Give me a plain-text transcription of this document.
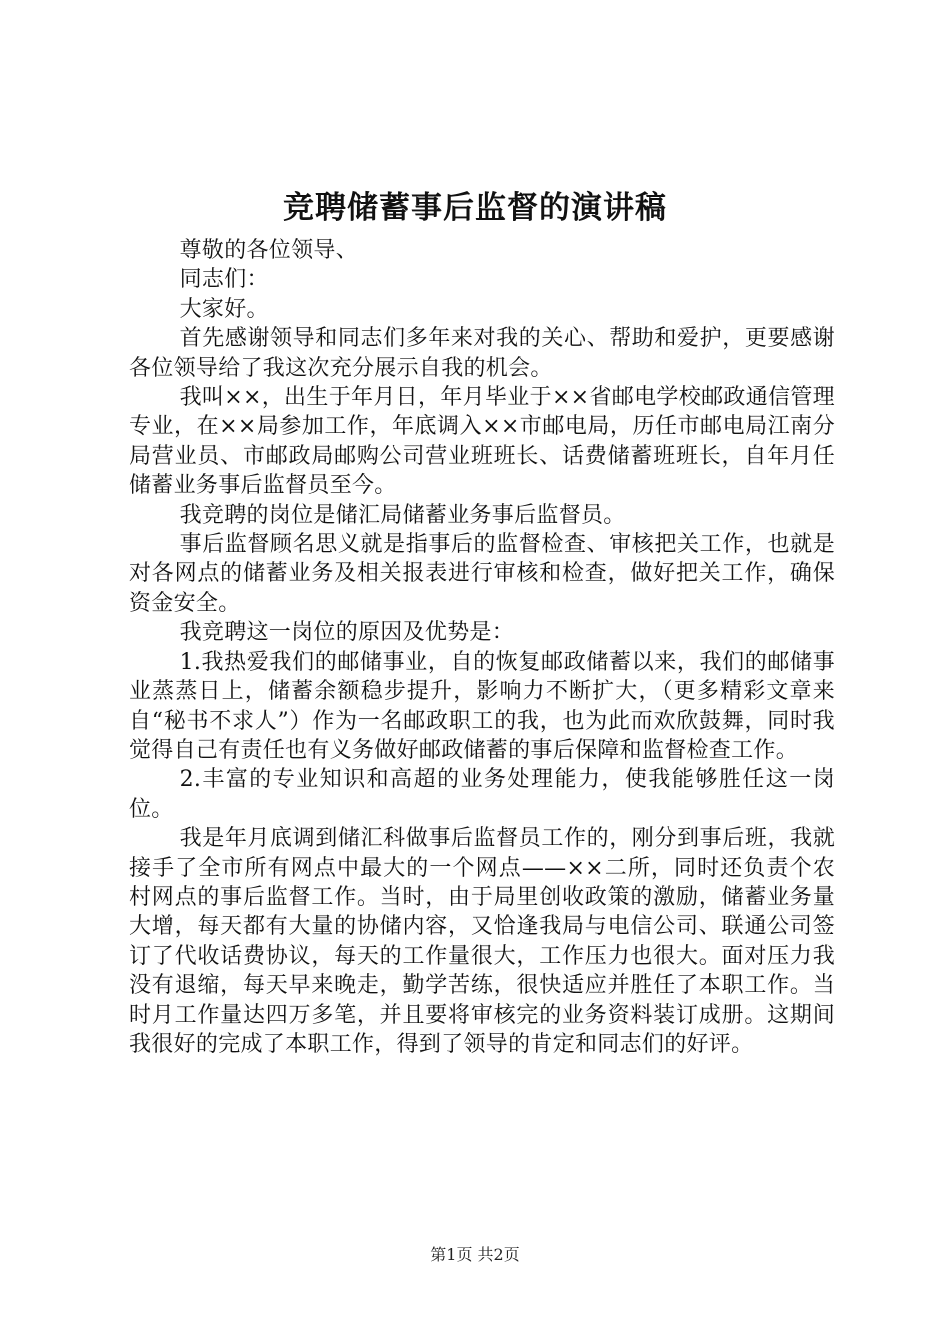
竞聘储蓄事后监督的演讲稿

尊敬的各位领导、

同志们：

大家好。

首先感谢领导和同志们多年来对我的关心、帮助和爱护，更要感谢各位领导给了我这次充分展示自我的机会。

我叫××，出生于年月日，年月毕业于××省邮电学校邮政通信管理专业，在××局参加工作，年底调入××市邮电局，历任市邮电局江南分局营业员、市邮政局邮购公司营业班班长、话费储蓄班班长，自年月任储蓄业务事后监督员至今。

我竞聘的岗位是储汇局储蓄业务事后监督员。

事后监督顾名思义就是指事后的监督检查、审核把关工作，也就是对各网点的储蓄业务及相关报表进行审核和检查，做好把关工作，确保资金安全。

我竞聘这一岗位的原因及优势是：

1.我热爱我们的邮储事业，自的恢复邮政储蓄以来，我们的邮储事业蒸蒸日上，储蓄余额稳步提升，影响力不断扩大，（更多精彩文章来自“秘书不求人”）作为一名邮政职工的我，也为此而欢欣鼓舞，同时我觉得自己有责任也有义务做好邮政储蓄的事后保障和监督检查工作。

2.丰富的专业知识和高超的业务处理能力，使我能够胜任这一岗位。

我是年月底调到储汇科做事后监督员工作的，刚分到事后班，我就接手了全市所有网点中最大的一个网点——××二所，同时还负责个农村网点的事后监督工作。当时，由于局里创收政策的激励，储蓄业务量大增，每天都有大量的协储内容，又恰逢我局与电信公司、联通公司签订了代收话费协议，每天的工作量很大，工作压力也很大。面对压力我没有退缩，每天早来晚走，勤学苦练，很快适应并胜任了本职工作。当时月工作量达四万多笔，并且要将审核完的业务资料装订成册。这期间我很好的完成了本职工作，得到了领导的肯定和同志们的好评。

第1页 共2页
